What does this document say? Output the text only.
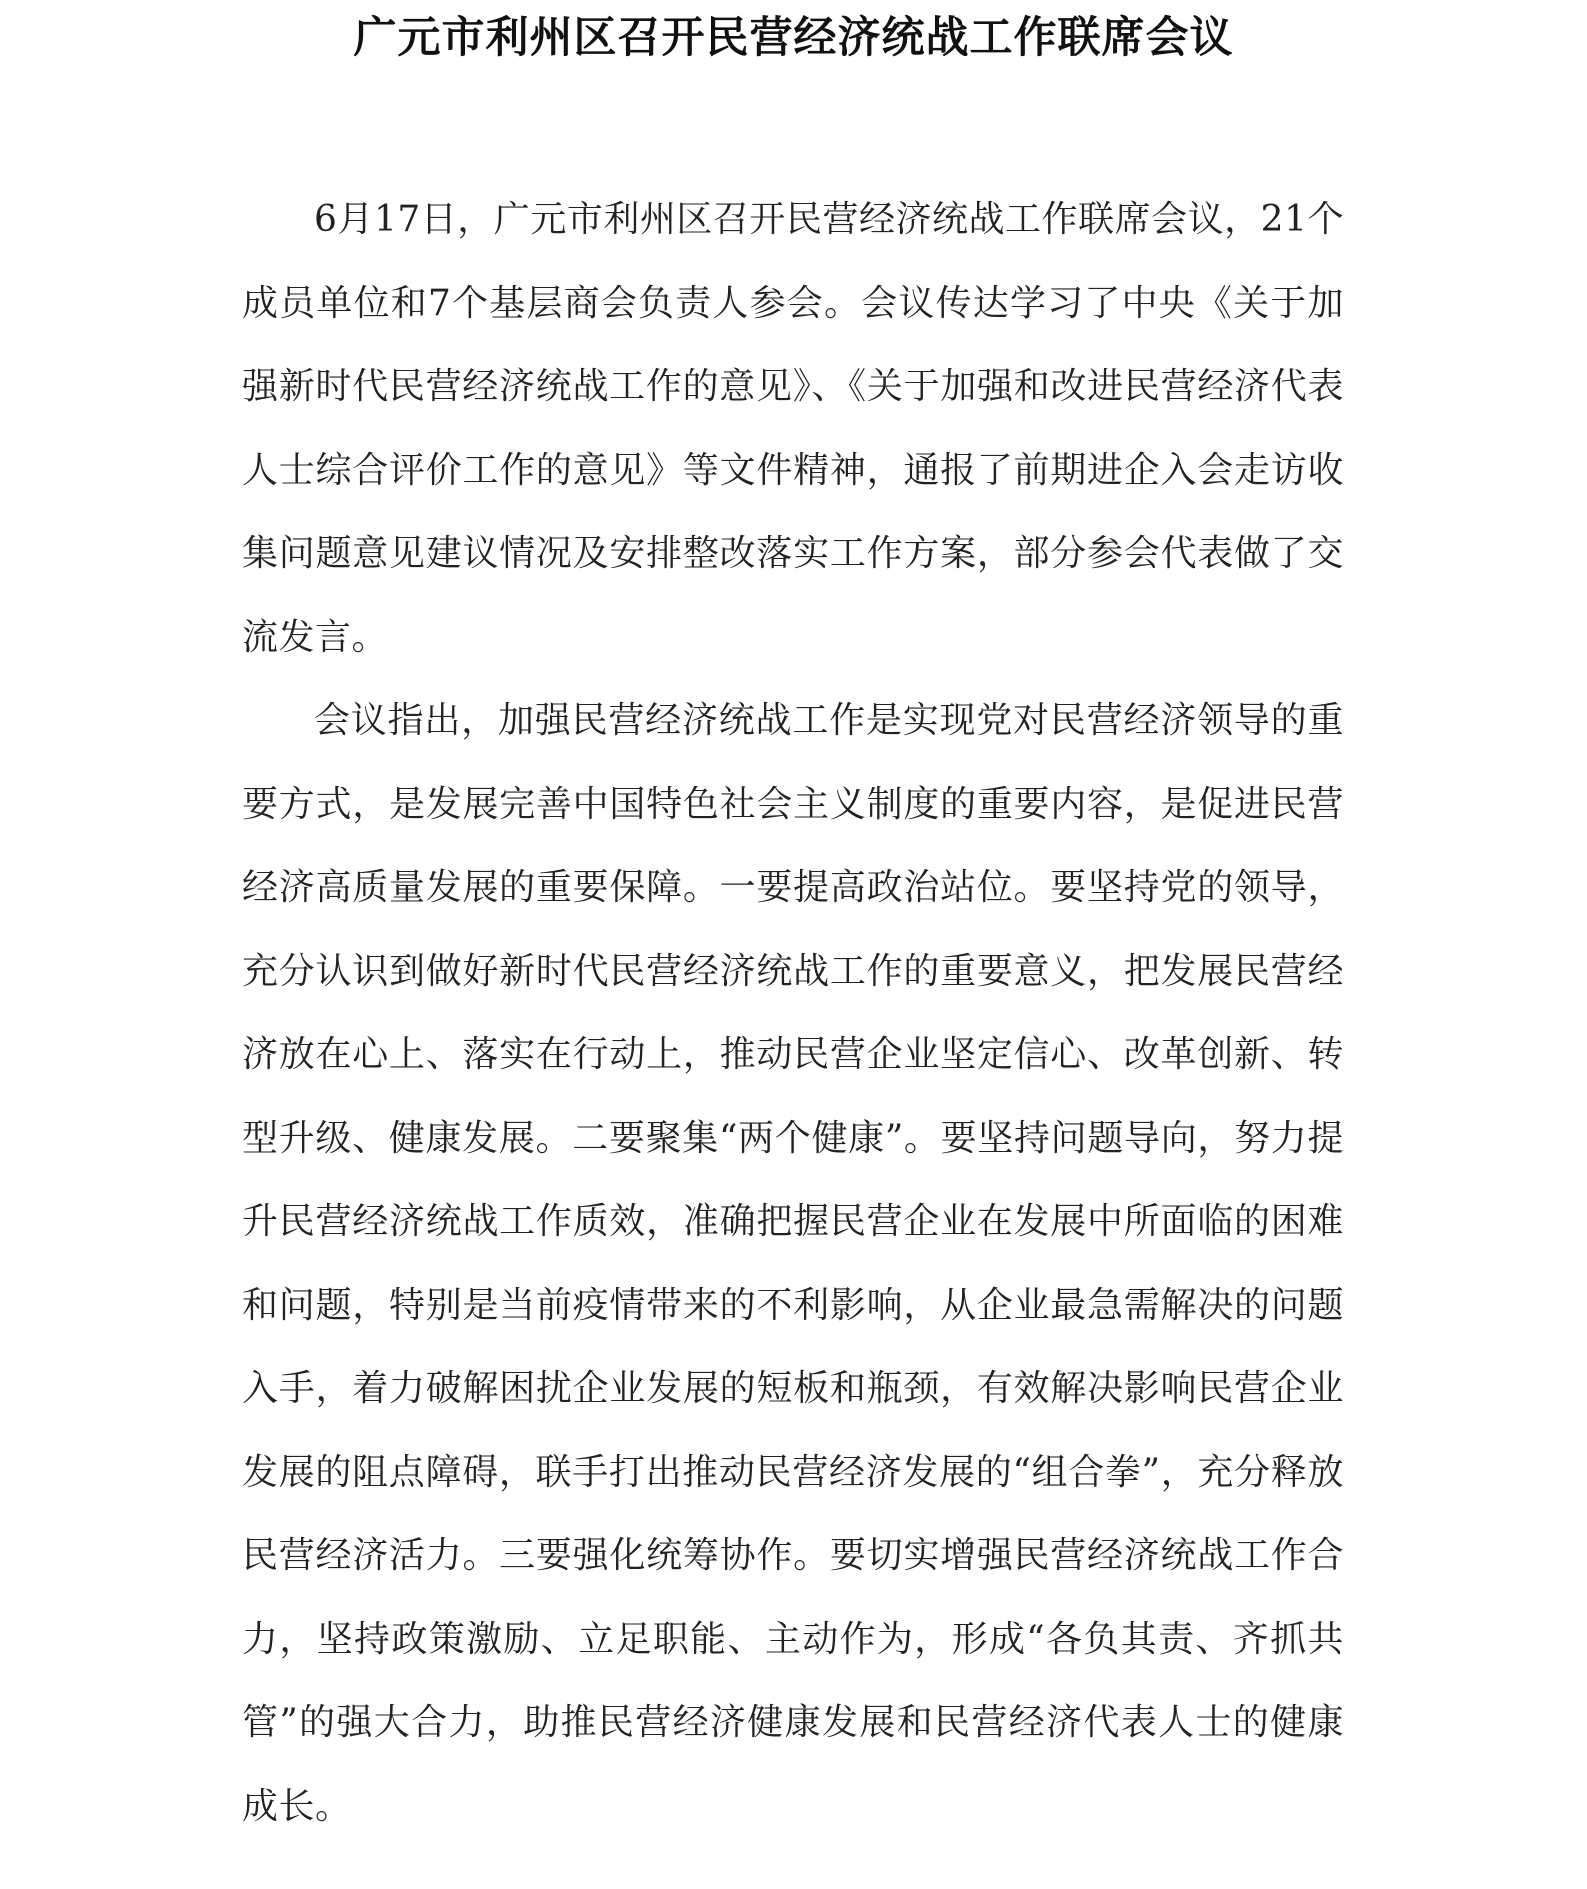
广元市利州区召开民营经济统战工作联席会议

6月17日，广元市利州区召开民营经济统战工作联席会议，21个成员单位和7个基层商会负责人参会。会议传达学习了中央《关于加强新时代民营经济统战工作的意见》、《关于加强和改进民营经济代表人士综合评价工作的意见》等文件精神，通报了前期进企入会走访收集问题意见建议情况及安排整改落实工作方案，部分参会代表做了交流发言。

会议指出，加强民营经济统战工作是实现党对民营经济领导的重要方式，是发展完善中国特色社会主义制度的重要内容，是促进民营经济高质量发展的重要保障。一要提高政治站位。要坚持党的领导，充分认识到做好新时代民营经济统战工作的重要意义，把发展民营经济放在心上、落实在行动上，推动民营企业坚定信心、改革创新、转型升级、健康发展。二要聚集“两个健康”。要坚持问题导向，努力提升民营经济统战工作质效，准确把握民营企业在发展中所面临的困难和问题，特别是当前疫情带来的不利影响，从企业最急需解决的问题入手，着力破解困扰企业发展的短板和瓶颈，有效解决影响民营企业发展的阻点障碍，联手打出推动民营经济发展的“组合拳”，充分释放民营经济活力。三要强化统筹协作。要切实增强民营经济统战工作合力，坚持政策激励、立足职能、主动作为，形成“各负其责、齐抓共管”的强大合力，助推民营经济健康发展和民营经济代表人士的健康成长。
